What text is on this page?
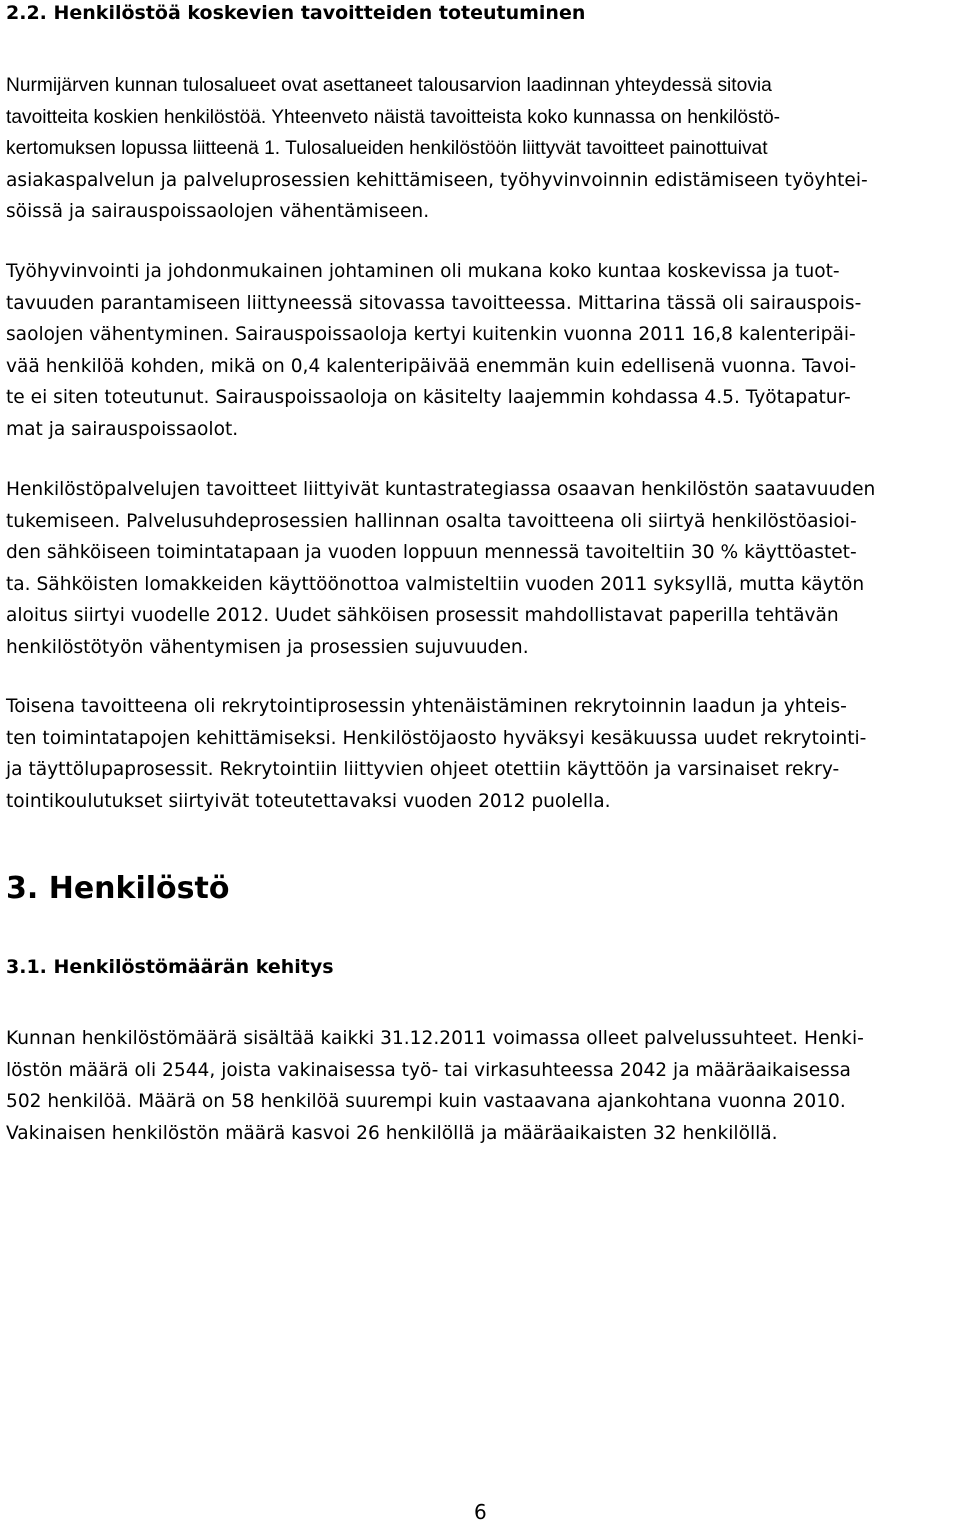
2.2. Henkilöstöä koskevien tavoitteiden toteutuminen
Nurmijärven kunnan tulosalueet ovat asettaneet talousarvion laadinnan yhteydessä sitovia
tavoitteita koskien henkilöstöä. Yhteenveto näistä tavoitteista koko kunnassa on henkilöstö-
kertomuksen lopussa liitteenä 1. Tulosalueiden henkilöstöön liittyvät tavoitteet painottuivat
asiakaspalvelun ja palveluprosessien kehittämiseen, työhyvinvoinnin edistämiseen työyhtei-
söissä ja sairauspoissaolojen vähentämiseen.
Työhyvinvointi ja johdonmukainen johtaminen oli mukana koko kuntaa koskevissa ja tuot-
tavuuden parantamiseen liittyneessä sitovassa tavoitteessa. Mittarina tässä oli sairauspois-
saolojen vähentyminen. Sairauspoissaoloja kertyi kuitenkin vuonna 2011 16,8 kalenteripäi-
vää henkilöä kohden, mikä on 0,4 kalenteripäivää enemmän kuin edellisenä vuonna. Tavoi-
te ei siten toteutunut. Sairauspoissaoloja on käsitelty laajemmin kohdassa 4.5. Työtapatur-
mat ja sairauspoissaolot.
Henkilöstöpalvelujen tavoitteet liittyivät kuntastrategiassa osaavan henkilöstön saatavuuden
tukemiseen. Palvelusuhdeprosessien hallinnan osalta tavoitteena oli siirtyä henkilöstöasioi-
den sähköiseen toimintatapaan ja vuoden loppuun mennessä tavoiteltiin 30 % käyttöastet-
ta. Sähköisten lomakkeiden käyttöönottoa valmisteltiin vuoden 2011 syksyllä, mutta käytön
aloitus siirtyi vuodelle 2012. Uudet sähköisen prosessit mahdollistavat paperilla tehtävän
henkilöstötyön vähentymisen ja prosessien sujuvuuden.
Toisena tavoitteena oli rekrytointiprosessin yhtenäistäminen rekrytoinnin laadun ja yhteis-
ten toimintatapojen kehittämiseksi. Henkilöstöjaosto hyväksyi kesäkuussa uudet rekrytointi-
ja täyttölupaprosessit. Rekrytointiin liittyvien ohjeet otettiin käyttöön ja varsinaiset rekry-
tointikoulutukset siirtyivät toteutettavaksi vuoden 2012 puolella.
3. Henkilöstö
3.1. Henkilöstömäärän kehitys
Kunnan henkilöstömäärä sisältää kaikki 31.12.2011 voimassa olleet palvelussuhteet. Henki-
löstön määrä oli 2544, joista vakinaisessa työ- tai virkasuhteessa 2042 ja määräaikaisessa
502 henkilöä. Määrä on 58 henkilöä suurempi kuin vastaavana ajankohtana vuonna 2010.
Vakinaisen henkilöstön määrä kasvoi 26 henkilöllä ja määräaikaisten 32 henkilöllä.
6
